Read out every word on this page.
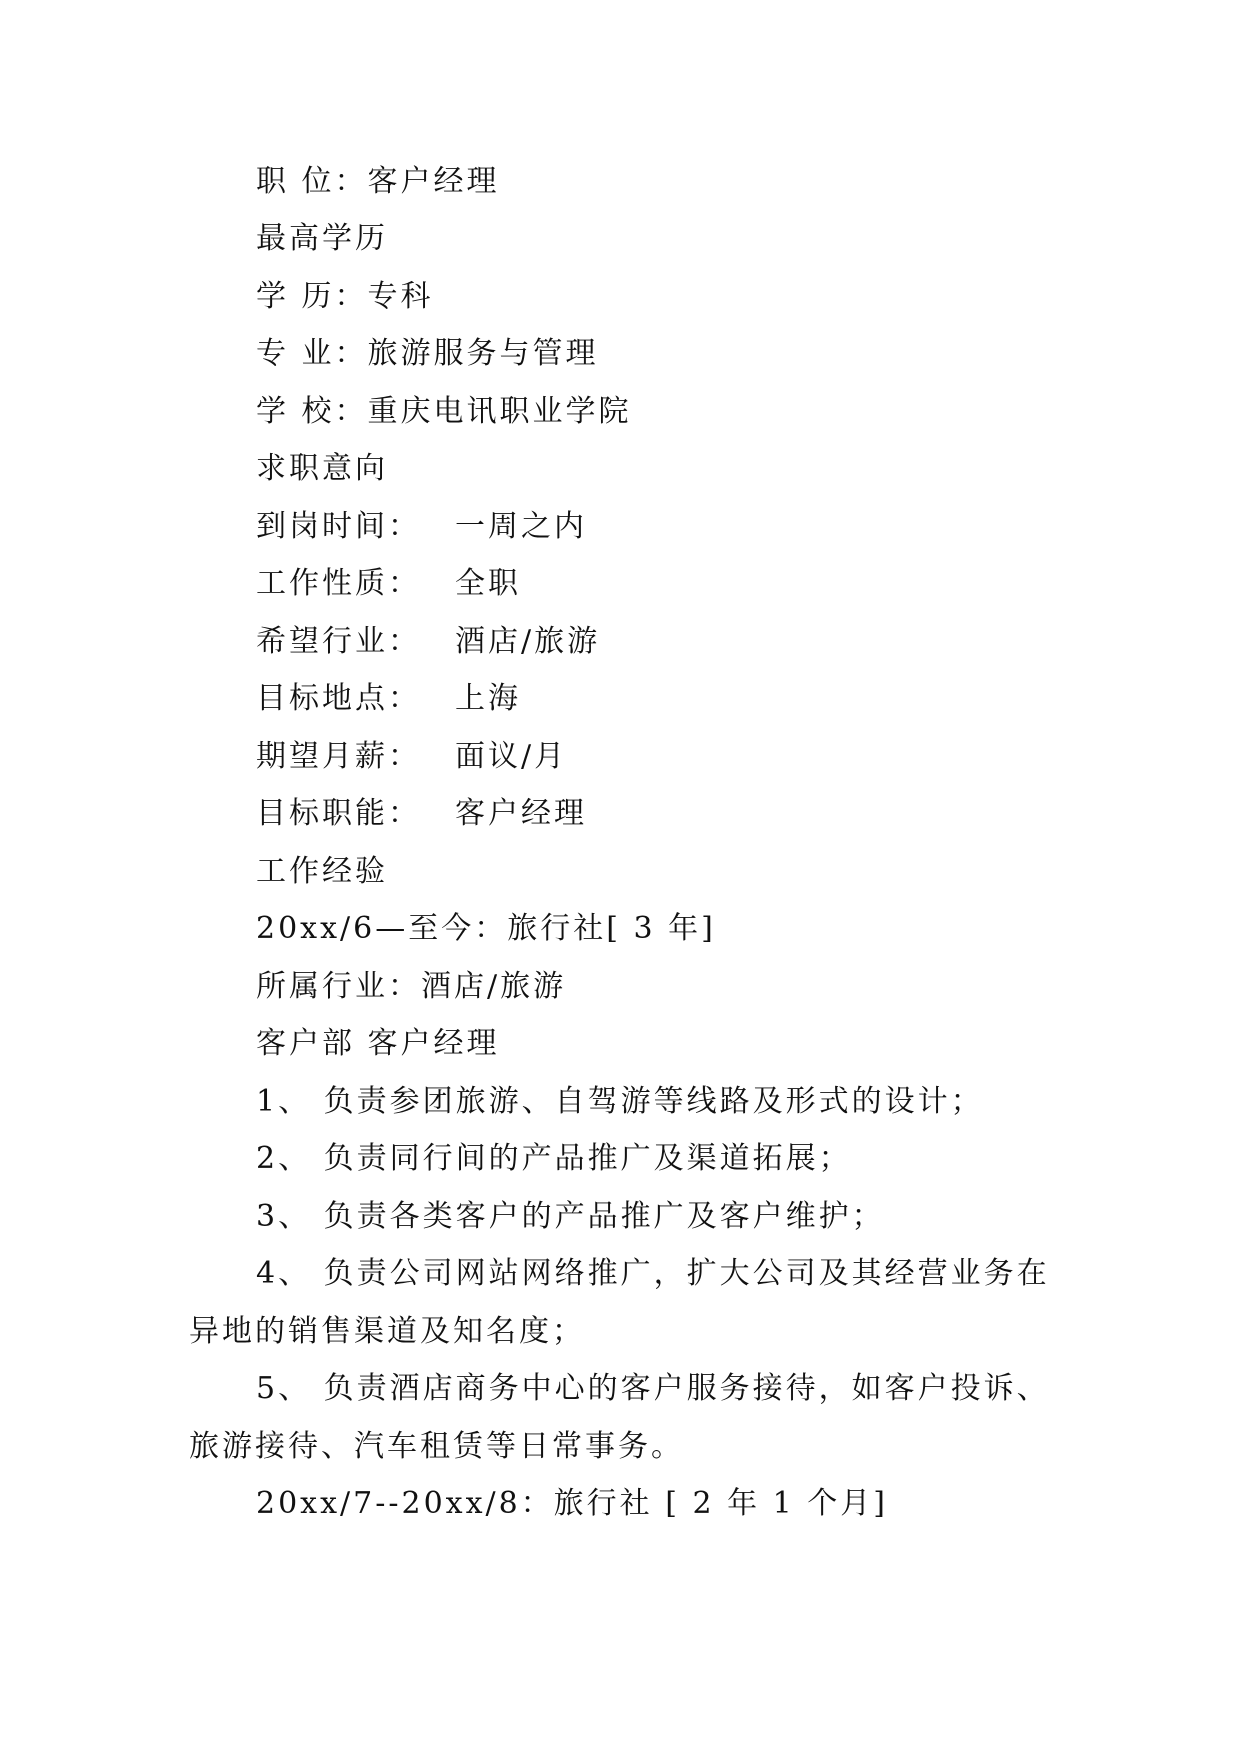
职 位：客户经理
最高学历
学 历：专科
专 业：旅游服务与管理
学 校：重庆电讯职业学院
求职意向
到岗时间： 一周之内
工作性质： 全职
希望行业： 酒店/旅游
目标地点： 上海
期望月薪： 面议/月
目标职能： 客户经理
工作经验
20xx/6—至今：旅行社[ 3 年]
所属行业：酒店/旅游
客户部 客户经理
1、 负责参团旅游、自驾游等线路及形式的设计；
2、 负责同行间的产品推广及渠道拓展；
3、 负责各类客户的产品推广及客户维护；
4、 负责公司网站网络推广，扩大公司及其经营业务在
异地的销售渠道及知名度；
5、 负责酒店商务中心的客户服务接待，如客户投诉、
旅游接待、汽车租赁等日常事务。
20xx/7--20xx/8：旅行社 [ 2 年 1 个月]
